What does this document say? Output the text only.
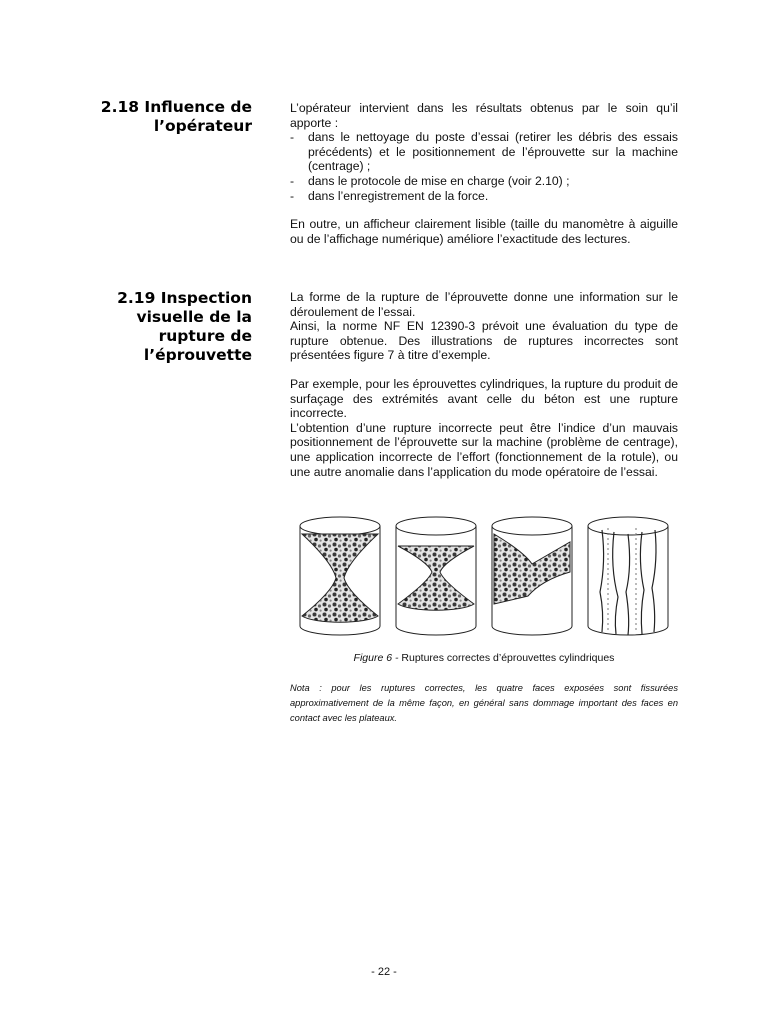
2.18 Influence de
l’opérateur
L’opérateur intervient dans les résultats obtenus par le soin qu’il apporte :
- dans le nettoyage du poste d’essai (retirer les débris des essais précédents) et le positionnement de l’éprouvette sur la machine (centrage) ;
- dans le protocole de mise en charge (voir 2.10) ;
- dans l’enregistrement de la force.
En outre, un afficheur clairement lisible (taille du manomètre à aiguille ou de l’affichage numérique) améliore l’exactitude des lectures.
2.19 Inspection
visuelle de la
rupture de
l’éprouvette
La forme de la rupture de l’éprouvette donne une information sur le déroulement de l’essai.
Ainsi, la norme NF EN 12390-3 prévoit une évaluation du type de rupture obtenue. Des illustrations de ruptures incorrectes sont présentées figure 7 à titre d’exemple.
Par exemple, pour les éprouvettes cylindriques, la rupture du produit de surfaçage des extrémités avant celle du béton est une rupture incorrecte.
L’obtention d’une rupture incorrecte peut être l’indice d’un mauvais positionnement de l’éprouvette sur la machine (problème de centrage), une application incorrecte de l’effort (fonctionnement de la rotule), ou une autre anomalie dans l’application du mode opératoire de l’essai.
Figure 6 - Ruptures correctes d’éprouvettes cylindriques
Nota : pour les ruptures correctes, les quatre faces exposées sont fissurées approximativement de la même façon, en général sans dommage important des faces en contact avec les plateaux.
- 22 -
